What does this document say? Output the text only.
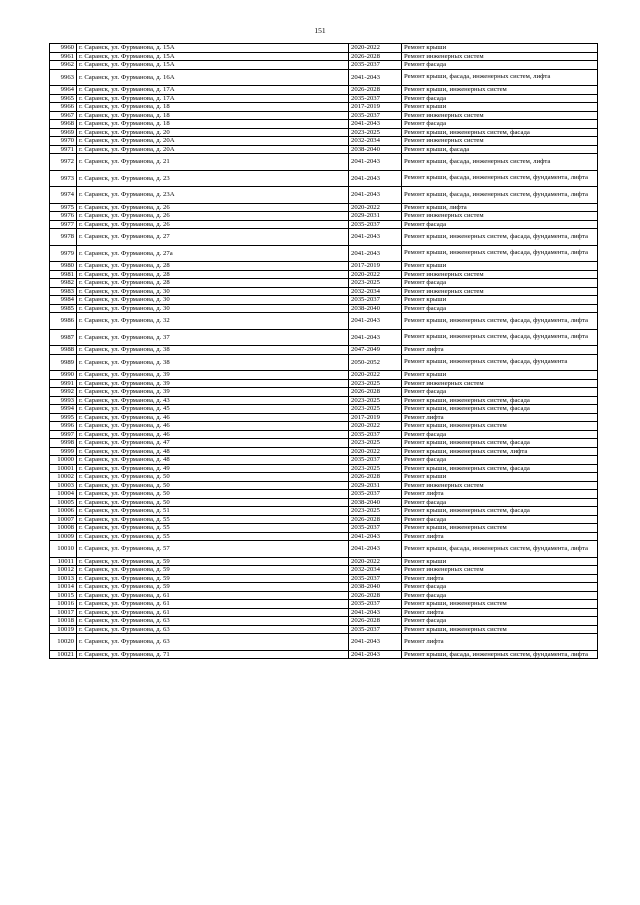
151
9960	г. Саранск, ул. Фурманова, д. 15А	2020-2022	Ремонт крыши
9961	г. Саранск, ул. Фурманова, д. 15А	2026-2028	Ремонт инженерных систем
9962	г. Саранск, ул. Фурманова, д. 15А	2035-2037	Ремонт фасада
9963	г. Саранск, ул. Фурманова, д. 16А	2041-2043	Ремонт крыши, фасада, инженерных систем, лифта
9964	г. Саранск, ул. Фурманова, д. 17А	2026-2028	Ремонт крыши, инженерных систем
9965	г. Саранск, ул. Фурманова, д. 17А	2035-2037	Ремонт фасада
9966	г. Саранск, ул. Фурманова, д. 18	2017-2019	Ремонт крыши
9967	г. Саранск, ул. Фурманова, д. 18	2035-2037	Ремонт инженерных систем
9968	г. Саранск, ул. Фурманова, д. 18	2041-2043	Ремонт фасада
9969	г. Саранск, ул. Фурманова, д. 20	2023-2025	Ремонт крыши, инженерных систем, фасада
9970	г. Саранск, ул. Фурманова, д. 20А	2032-2034	Ремонт инженерных систем
9971	г. Саранск, ул. Фурманова, д. 20А	2038-2040	Ремонт крыши, фасада
9972	г. Саранск, ул. Фурманова, д. 21	2041-2043	Ремонт крыши, фасада, инженерных систем, лифта
9973	г. Саранск, ул. Фурманова, д. 23	2041-2043	Ремонт крыши, фасада, инженерных систем, фундамента, лифта
9974	г. Саранск, ул. Фурманова, д. 23А	2041-2043	Ремонт крыши, фасада, инженерных систем, фундамента, лифта
9975	г. Саранск, ул. Фурманова, д. 26	2020-2022	Ремонт крыши, лифта
9976	г. Саранск, ул. Фурманова, д. 26	2029-2031	Ремонт инженерных систем
9977	г. Саранск, ул. Фурманова, д. 26	2035-2037	Ремонт фасада
9978	г. Саранск, ул. Фурманова, д. 27	2041-2043	Ремонт крыши, инженерных систем, фасада, фундамента, лифта
9979	г. Саранск, ул. Фурманова, д. 27а	2041-2043	Ремонт крыши, инженерных систем, фасада, фундамента, лифта
9980	г. Саранск, ул. Фурманова, д. 28	2017-2019	Ремонт крыши
9981	г. Саранск, ул. Фурманова, д. 28	2020-2022	Ремонт инженерных систем
9982	г. Саранск, ул. Фурманова, д. 28	2023-2025	Ремонт фасада
9983	г. Саранск, ул. Фурманова, д. 30	2032-2034	Ремонт инженерных систем
9984	г. Саранск, ул. Фурманова, д. 30	2035-2037	Ремонт крыши
9985	г. Саранск, ул. Фурманова, д. 30	2038-2040	Ремонт фасада
9986	г. Саранск, ул. Фурманова, д. 32	2041-2043	Ремонт крыши, инженерных систем, фасада, фундамента, лифта
9987	г. Саранск, ул. Фурманова, д. 37	2041-2043	Ремонт крыши, инженерных систем, фасада, фундамента, лифта
9988	г. Саранск, ул. Фурманова, д. 38	2047-2049	Ремонт лифта
9989	г. Саранск, ул. Фурманова, д. 38	2050-2052	Ремонт крыши, инженерных систем, фасада, фундамента
9990	г. Саранск, ул. Фурманова, д. 39	2020-2022	Ремонт крыши
9991	г. Саранск, ул. Фурманова, д. 39	2023-2025	Ремонт инженерных систем
9992	г. Саранск, ул. Фурманова, д. 39	2026-2028	Ремонт фасада
9993	г. Саранск, ул. Фурманова, д. 43	2023-2025	Ремонт крыши, инженерных систем, фасада
9994	г. Саранск, ул. Фурманова, д. 45	2023-2025	Ремонт крыши, инженерных систем, фасада
9995	г. Саранск, ул. Фурманова, д. 46	2017-2019	Ремонт лифта
9996	г. Саранск, ул. Фурманова, д. 46	2020-2022	Ремонт крыши, инженерных систем
9997	г. Саранск, ул. Фурманова, д. 46	2035-2037	Ремонт фасада
9998	г. Саранск, ул. Фурманова, д. 47	2023-2025	Ремонт крыши, инженерных систем, фасада
9999	г. Саранск, ул. Фурманова, д. 48	2020-2022	Ремонт крыши, инженерных систем, лифта
10000	г. Саранск, ул. Фурманова, д. 48	2035-2037	Ремонт фасада
10001	г. Саранск, ул. Фурманова, д. 49	2023-2025	Ремонт крыши, инженерных систем, фасада
10002	г. Саранск, ул. Фурманова, д. 50	2026-2028	Ремонт крыши
10003	г. Саранск, ул. Фурманова, д. 50	2029-2031	Ремонт инженерных систем
10004	г. Саранск, ул. Фурманова, д. 50	2035-2037	Ремонт лифта
10005	г. Саранск, ул. Фурманова, д. 50	2038-2040	Ремонт фасада
10006	г. Саранск, ул. Фурманова, д. 51	2023-2025	Ремонт крыши, инженерных систем, фасада
10007	г. Саранск, ул. Фурманова, д. 55	2026-2028	Ремонт фасада
10008	г. Саранск, ул. Фурманова, д. 55	2035-2037	Ремонт крыши, инженерных систем
10009	г. Саранск, ул. Фурманова, д. 55	2041-2043	Ремонт лифта
10010	г. Саранск, ул. Фурманова, д. 57	2041-2043	Ремонт крыши, фасада, инженерных систем, фундамента, лифта
10011	г. Саранск, ул. Фурманова, д. 59	2020-2022	Ремонт крыши
10012	г. Саранск, ул. Фурманова, д. 59	2032-2034	Ремонт инженерных систем
10013	г. Саранск, ул. Фурманова, д. 59	2035-2037	Ремонт лифта
10014	г. Саранск, ул. Фурманова, д. 59	2038-2040	Ремонт фасада
10015	г. Саранск, ул. Фурманова, д. 61	2026-2028	Ремонт фасада
10016	г. Саранск, ул. Фурманова, д. 61	2035-2037	Ремонт крыши, инженерных систем
10017	г. Саранск, ул. Фурманова, д. 61	2041-2043	Ремонт лифта
10018	г. Саранск, ул. Фурманова, д. 63	2026-2028	Ремонт фасада
10019	г. Саранск, ул. Фурманова, д. 63	2035-2037	Ремонт крыши, инженерных систем
10020	г. Саранск, ул. Фурманова, д. 63	2041-2043	Ремонт лифта
10021	г. Саранск, ул. Фурманова, д. 71	2041-2043	Ремонт крыши, фасада, инженерных систем, фундамента, лифта
